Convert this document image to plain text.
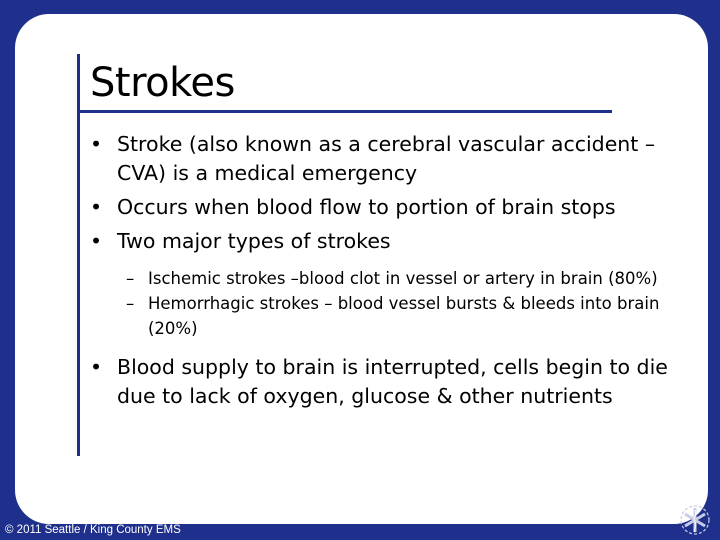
Strokes
• Stroke (also known as a cerebral vascular accident – CVA) is a medical emergency
• Occurs when blood flow to portion of brain stops
• Two major types of strokes
– Ischemic strokes –blood clot in vessel or artery in brain (80%)
– Hemorrhagic strokes – blood vessel bursts & bleeds into brain (20%)
• Blood supply to brain is interrupted, cells begin to die due to lack of oxygen, glucose & other nutrients
© 2011 Seattle / King County EMS
